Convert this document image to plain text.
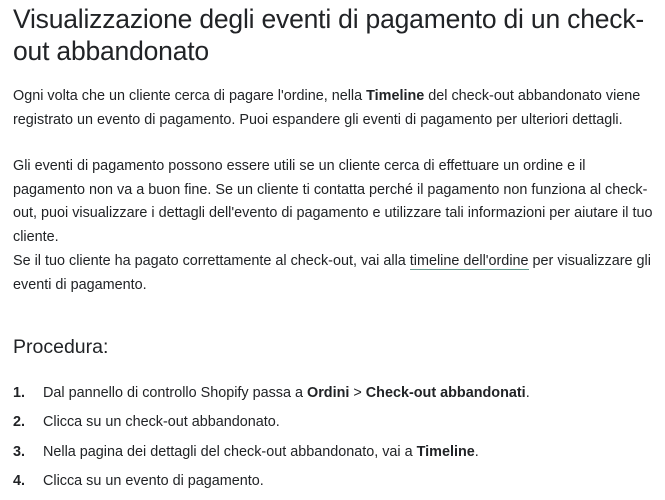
Visualizzazione degli eventi di pagamento di un check-out abbandonato

Ogni volta che un cliente cerca di pagare l'ordine, nella Timeline del check-out abbandonato viene registrato un evento di pagamento. Puoi espandere gli eventi di pagamento per ulteriori dettagli.

Gli eventi di pagamento possono essere utili se un cliente cerca di effettuare un ordine e il pagamento non va a buon fine. Se un cliente ti contatta perché il pagamento non funziona al check-out, puoi visualizzare i dettagli dell'evento di pagamento e utilizzare tali informazioni per aiutare il tuo cliente.

Se il tuo cliente ha pagato correttamente al check-out, vai alla timeline dell'ordine per visualizzare gli eventi di pagamento.

Procedura:
1.	Dal pannello di controllo Shopify passa a Ordini > Check-out abbandonati.
2.	Clicca su un check-out abbandonato.
3.	Nella pagina dei dettagli del check-out abbandonato, vai a Timeline.
4.	Clicca su un evento di pagamento.
